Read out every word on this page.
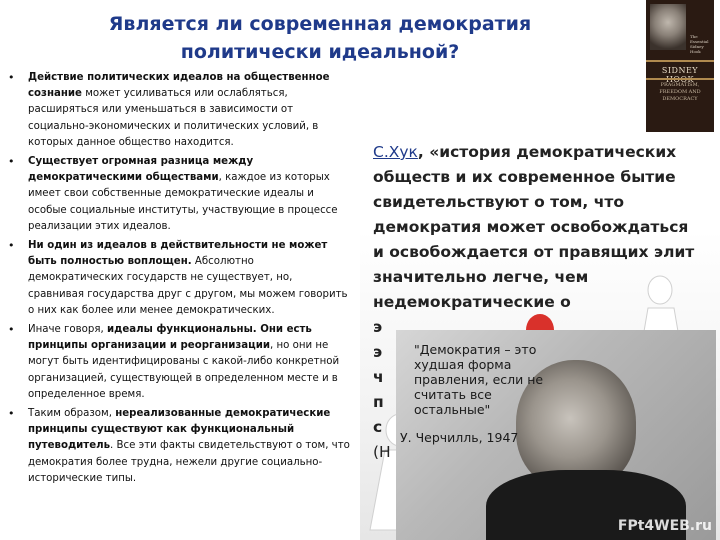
Является ли современная демократия
политически идеальной?
The Essential Sidney Hook
SIDNEY
PRAGMATISM, FREEDOM AND DEMOCRACY
• Действие политических идеалов на общественное сознание может усиливаться или ослабляться, расширяться или уменьшаться в зависимости от социально-экономических и политических условий, в которых данное общество находится.
• Существует огромная разница между демократическими обществами, каждое из которых имеет свои собственные демократические идеалы и особые социальные институты, участвующие в процессе реализации этих идеалов.
• Ни один из идеалов в действительности не может быть полностью воплощен. Абсолютно демократических государств не существует, но, сравнивая государства друг с другом, мы можем говорить о них как более или менее демократических.
• Иначе говоря, идеалы функциональны. Они есть принципы организации и реорганизации, но они не могут быть идентифицированы с какой-либо конкретной организацией, существующей в определенном месте и в определенное время.
• Таким образом, нереализованные демократические принципы существуют как функциональный путеводитель. Все эти факты свидетельствуют о том, что демократия более трудна, нежели другие социально-исторические типы.
С.Хук, «история демократических обществ и их современное бытие свидетельствуют о том, что демократия может освобождаться и освобождается от правящих элит значительно легче, чем недемократические о
э
э
ч
п
с
(Н
"Демократия – это худшая форма правления, если не считать все остальные"
У. Черчилль, 1947
FPt4WEB.ru
